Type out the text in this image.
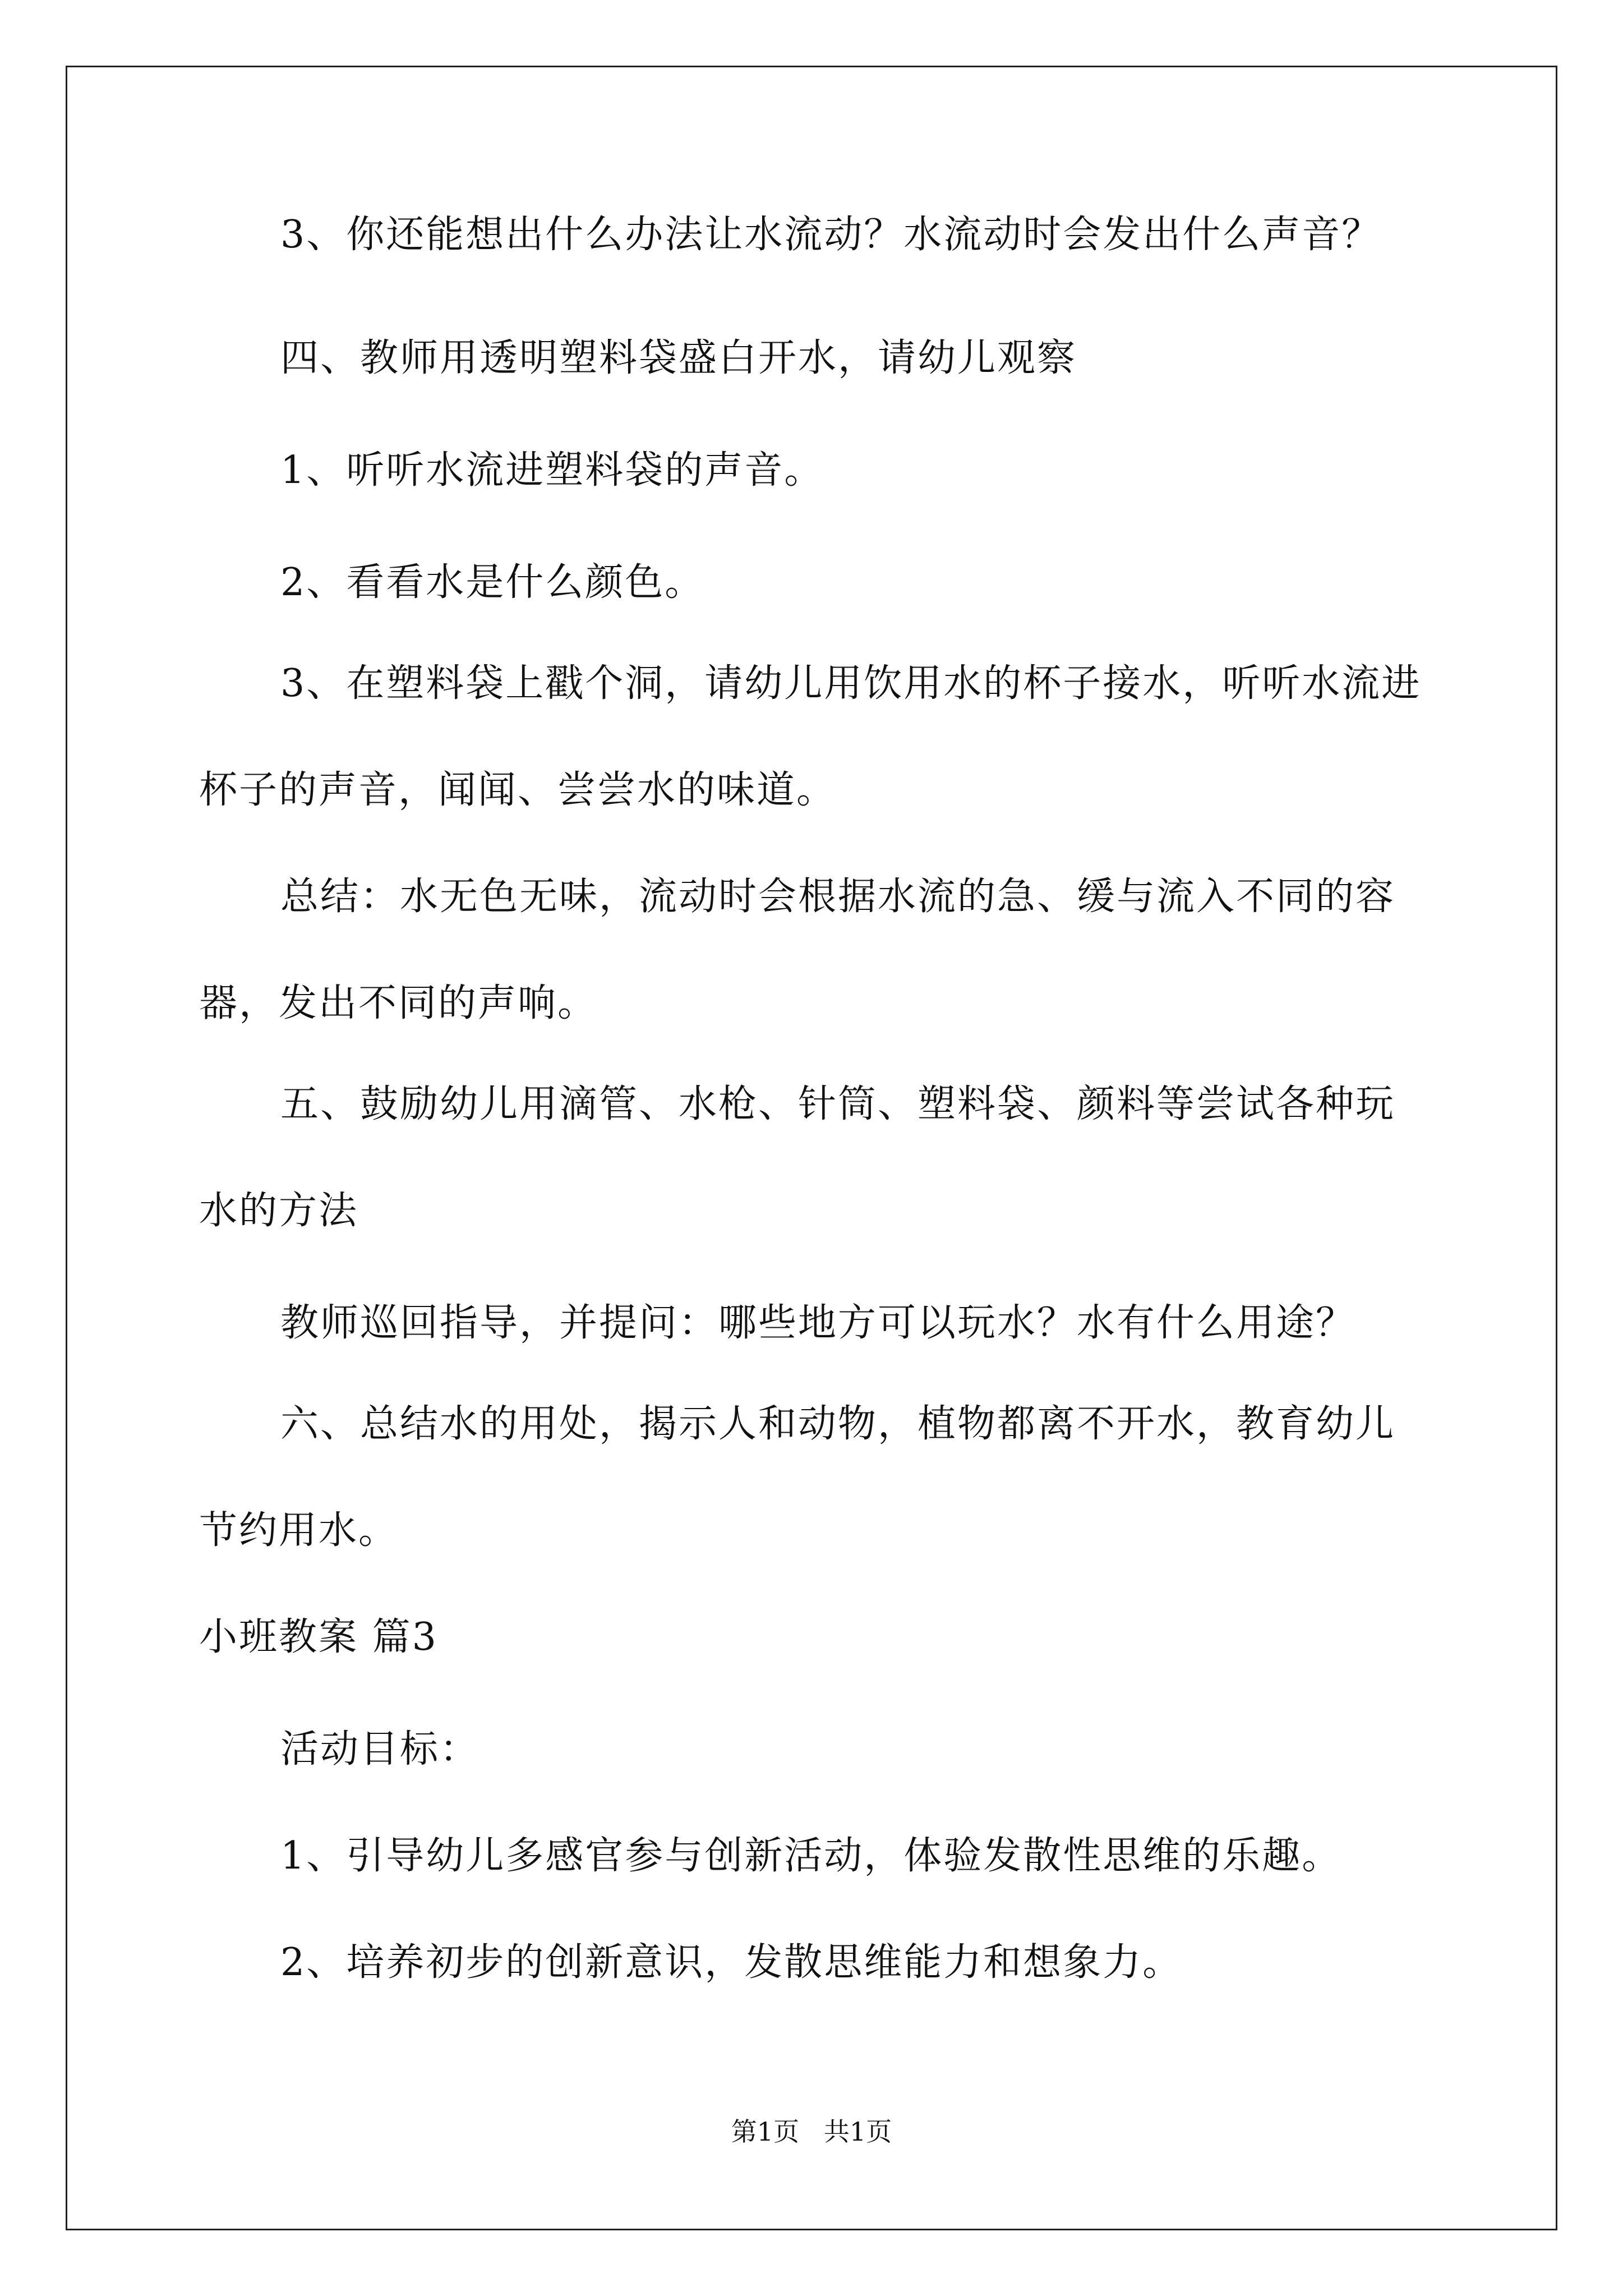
3、你还能想出什么办法让水流动？水流动时会发出什么声音？
四、教师用透明塑料袋盛白开水，请幼儿观察
1、听听水流进塑料袋的声音。
2、看看水是什么颜色。
3、在塑料袋上戳个洞，请幼儿用饮用水的杯子接水，听听水流进
杯子的声音，闻闻、尝尝水的味道。
总结：水无色无味，流动时会根据水流的急、缓与流入不同的容
器，发出不同的声响。
五、鼓励幼儿用滴管、水枪、针筒、塑料袋、颜料等尝试各种玩
水的方法
教师巡回指导，并提问：哪些地方可以玩水？水有什么用途？
六、总结水的用处，揭示人和动物，植物都离不开水，教育幼儿
节约用水。
小班教案 篇3
活动目标：
1、引导幼儿多感官参与创新活动，体验发散性思维的乐趣。
2、培养初步的创新意识，发散思维能力和想象力。
第1页   共1页
